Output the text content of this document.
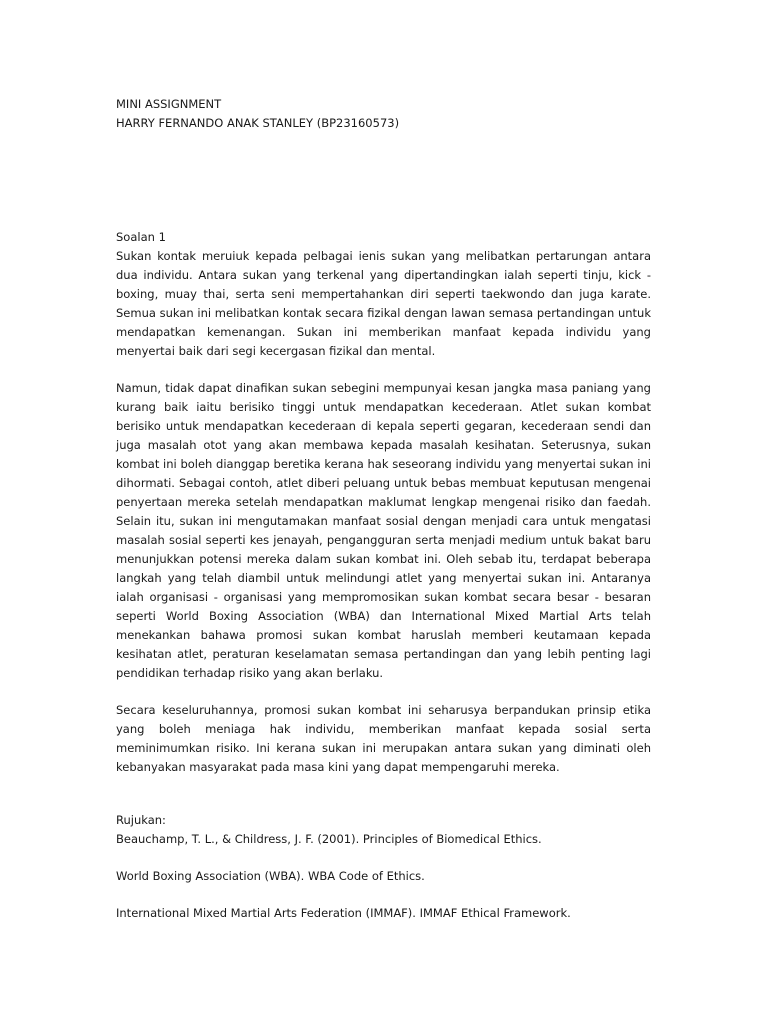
MINI ASSIGNMENT
HARRY FERNANDO ANAK STANLEY (BP23160573)
Soalan 1

Sukan kontak meruiuk kepada pelbagai ienis sukan yang melibatkan pertarungan antara dua individu. Antara sukan yang terkenal yang dipertandingkan ialah seperti tinju, kick - boxing, muay thai, serta seni mempertahankan diri seperti taekwondo dan juga karate. Semua sukan ini melibatkan kontak secara fizikal dengan lawan semasa pertandingan untuk mendapatkan kemenangan. Sukan ini memberikan manfaat kepada individu yang menyertai baik dari segi kecergasan fizikal dan mental.

Namun, tidak dapat dinafikan sukan sebegini mempunyai kesan jangka masa paniang yang kurang baik iaitu berisiko tinggi untuk mendapatkan kecederaan. Atlet sukan kombat berisiko untuk mendapatkan kecederaan di kepala seperti gegaran, kecederaan sendi dan juga masalah otot yang akan membawa kepada masalah kesihatan. Seterusnya, sukan kombat ini boleh dianggap beretika kerana hak seseorang individu yang menyertai sukan ini dihormati. Sebagai contoh, atlet diberi peluang untuk bebas membuat keputusan mengenai penyertaan mereka setelah mendapatkan maklumat lengkap mengenai risiko dan faedah. Selain itu, sukan ini mengutamakan manfaat sosial dengan menjadi cara untuk mengatasi masalah sosial seperti kes jenayah, pengangguran serta menjadi medium untuk bakat baru menunjukkan potensi mereka dalam sukan kombat ini. Oleh sebab itu, terdapat beberapa langkah yang telah diambil untuk melindungi atlet yang menyertai sukan ini. Antaranya ialah organisasi - organisasi yang mempromosikan sukan kombat secara besar - besaran seperti World Boxing Association (WBA) dan International Mixed Martial Arts telah menekankan bahawa promosi sukan kombat haruslah memberi keutamaan kepada kesihatan atlet, peraturan keselamatan semasa pertandingan dan yang lebih penting lagi pendidikan terhadap risiko yang akan berlaku.

Secara keseluruhannya, promosi sukan kombat ini seharusya berpandukan prinsip etika yang boleh meniaga hak individu, memberikan manfaat kepada sosial serta meminimumkan risiko. Ini kerana sukan ini merupakan antara sukan yang diminati oleh kebanyakan masyarakat pada masa kini yang dapat mempengaruhi mereka.

Rujukan:

Beauchamp, T. L., & Childress, J. F. (2001). Principles of Biomedical Ethics.

World Boxing Association (WBA). WBA Code of Ethics.

International Mixed Martial Arts Federation (IMMAF). IMMAF Ethical Framework.
